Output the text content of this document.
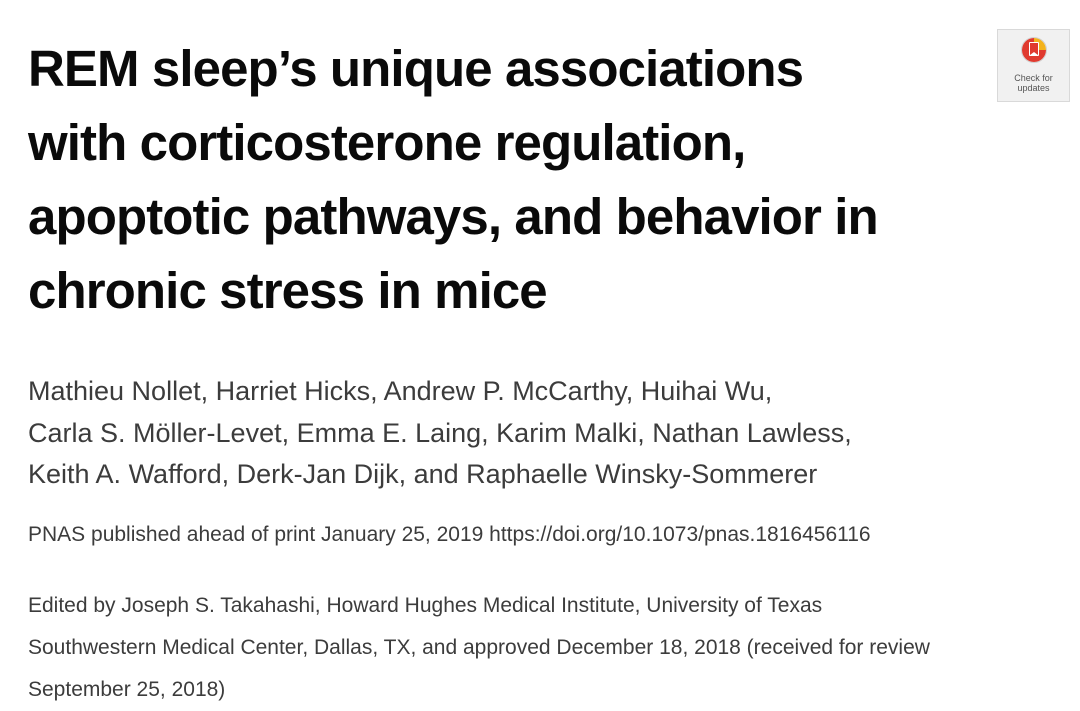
REM sleep’s unique associations
with corticosterone regulation,
apoptotic pathways, and behavior in
chronic stress in mice
Check for
updates
Mathieu Nollet, Harriet Hicks, Andrew P. McCarthy, Huihai Wu,
Carla S. Möller-Levet, Emma E. Laing, Karim Malki, Nathan Lawless,
Keith A. Wafford, Derk-Jan Dijk, and Raphaelle Winsky-Sommerer
PNAS published ahead of print January 25, 2019 https://doi.org/10.1073/pnas.1816456116
Edited by Joseph S. Takahashi, Howard Hughes Medical Institute, University of Texas
Southwestern Medical Center, Dallas, TX, and approved December 18, 2018 (received for review
September 25, 2018)
